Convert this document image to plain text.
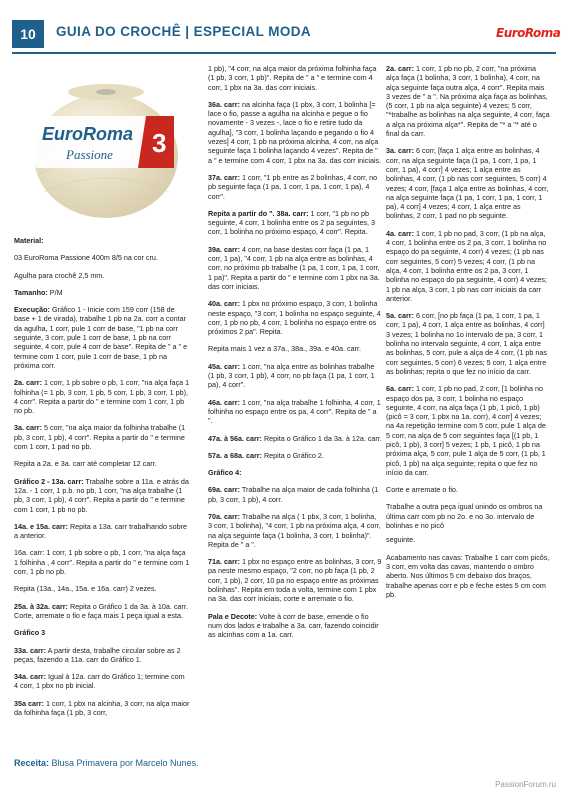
10	GUIA DO CROCHÊ | ESPECIAL MODA	EuroRoma
3
EuroRoma
Passione

Material:

03 EuroRoma Passione 400m 8/5 na cor cru.

Agulha para crochê 2,5 mm.

Tamanho: P/M

Execução: Gráfico 1 - Inicie com 159 corr (158 de base + 1 de virada), trabalhe 1 pb na 2a. corr a contar da agulha, 1 corr, pule 1 corr de base, "1 pb na corr seguinte, 3 corr, pule 1 corr de base, 1 pb na corr seguinte, 4 corr, pule 4 corr de base". Repita de " a " e termine com 1 corr, pule 1 corr de base, 1 pb na próxima corr.

2a. carr: 1 corr, 1 pb sobre o pb, 1 corr, "na alça faça 1 folhinha (= 1 pb, 3 corr, 1 pb, 5 corr, 1 pb, 3 corr, 1 pb), 4 corr". Repita a partir do " e termine com 1 corr, 1 pb no pb.

3a. carr: 5 corr, "na alça maior da folhinha trabalhe (1 pb, 3 corr, 1 pb), 4 corr". Repita a partir do " e termine com 1 corr, 1 pad no pb.

Repita a 2a. e 3a. carr até completar 12 carr.

Gráfico 2 - 13a. carr: Trabalhe sobre a 11a. e atrás da 12a. - 1 corr, 1 p.b. no pb, 1 corr, "na alça trabalhe (1 pb, 3 corr, 1 pb), 4 corr". Repita a partir do " e termine com 1 corr, 1 pb no pb.

14a. e 15a. carr: Repita a 13a. carr trabalhando sobre a anterior.

16a. carr: 1 corr, 1 pb sobre o pb, 1 corr, "na alça faça 1 folhinha , 4 corr". Repita a partir do " e termine com 1 corr, 1 pb no pb.

Repita (13a., 14a., 15a. e 16a. carr) 2 vezes.

25a. à 32a. carr: Repita o Gráfico 1 da 3a. à 10a. carr. Corte, arremate o fio e faça mais 1 peça igual a esta.

Gráfico 3

33a. carr: A partir desta, trabalhe circular sobre as 2 peças, fazendo a 11a. carr do Gráfico 1.

34a. carr: Igual à 12a. carr do Gráfico 1; termine com 4 corr, 1 pbx no pb inicial.

35a carr: 1 corr, 1 pbx na alcinha, 3 corr, na alça maior da folhinha faça (1 pb, 3 corr,

1 pb), "4 corr, na alça maior da próxima folhinha faça (1 pb, 3 corr, 1 pb)". Repita de " a " e termine com 4 corr, 1 pbx na 3a. das corr iniciais.

36a. carr: na alcinha faça (1 pbx, 3 corr, 1 bolinha [= lace o fio, passe a agulha na alcinha e pegue o fio novamente - 3 vezes -, lace o fio e retire tudo da agulha], "3 corr, 1 bolinha laçando e pegando o fio 4 vezes] 4 corr, 1 pb na próxima alcinha, 4 corr, na alça seguinte faça 1 bolinha laçando 4 vezes". Repita de " a " e termine com 4 corr, 1 pbx na 3a. das corr iniciais.

37a. carr: 1 corr, "1 pb entre as 2 bolinhas, 4 corr, no pb seguinte faça (1 pa, 1 corr, 1 pa, 1 corr, 1 pa), 4 corr".

Repita a partir do ". 38a. carr: 1 corr, "1 pb no pb seguinte, 4 corr, 1 bolinha entre os 2 pa seguintes, 3 corr, 1 bolinha no próximo espaço, 4 corr". Repita.

39a. carr: 4 corr, na base destas corr faça (1 pa, 1 corr, 1 pa), "4 corr, 1 pb na alça entre as bolinhas, 4 corr, no próximo pb trabalhe (1 pa, 1 corr, 1 pa, 1 corr, 1 pa)". Repita a partir do " e termine com 1 pbx na 3a. das corr iniciais.

40a. carr: 1 pbx no próximo espaço, 3 corr, 1 bolinha neste espaço, "3 corr, 1 bolinha no espaço seguinte, 4 corr, 1 pb no pb, 4 corr, 1 bolinha no espaço entre os próximos 2 pa". Repita.

Repita mais 1 vez a 37a., 38a., 39a. e 40a. carr.

45a. carr: 1 corr, "na alça entre as bolinhas trabalhe (1 pb, 3 corr, 1 pb), 4 corr, no pb faça (1 pa, 1 corr, 1 pa), 4 corr".

46a. carr: 1 corr, "na alça trabalhe 1 folhinha, 4 corr, 1 folhinha no espaço entre os pa, 4 corr". Repita de " a ".

47a. à 56a. carr: Repita o Gráfico 1 da 3a. à 12a. carr.

57a. a 68a. carr: Repita o Gráfico 2.

Gráfico 4:

69a. carr: Trabalhe na alça maior de cada folhinha (1 pb, 3 corr, 1 pb), 4 corr.

70a. carr: Trabalhe na alça ( 1 pbx, 3 corr, 1 bolinha, 3 corr, 1 bolinha), "4 corr, 1 pb na próxima alça, 4 corr, na alça seguinte faça (1 bolinha, 3 corr, 1 bolinha)". Repita de " a ".

71a. carr: 1 pbx no espaço entre as bolinhas, 3 corr, 9 pa neste mesmo espaço, "2 corr, no pb faça (1 pb, 2 corr, 1 pb), 2 corr, 10 pa no espaço entre as próximas bolinhas". Repita em toda a volta, termine com 1 pbx na 3a. das corr iniciais, corte e arremate o fio.

Pala e Decote: Volte à corr de base, emende o fio num dos lados e trabalhe a 3a. carr, fazendo coincidir as alcinhas com a 1a. carr.

2a. carr: 1 corr, 1 pb no pb, 2 corr, "na próxima alça faça (1 bolinha, 3 corr, 1 bolinha), 4 corr, na alça seguinte faça outra alça, 4 corr". Repita mais 3 vezes de " a ". Na próxima alça faça as bolinhas, (5 corr, 1 pb na alça seguinte) 4 vezes; 5 corr, "*trabalhe as bolinhas na alça seguinte, 4 corr, faça a alça na próxima alça*". Repita de "* a "* até o final da carr.

3a. carr: 6 corr, [faça 1 alça entre as bolinhas, 4 corr, na alça seguinte faça (1 pa, 1 corr, 1 pa, 1 corr, 1 pa), 4 corr] 4 vezes; 1 alça entre as bolinhas, 4 corr, (1 pb nas corr seguintes, 5 corr) 4 vezes; 4 corr, [faça 1 alça entre as bolinhas, 4 corr, na alça seguinte faça (1 pa, 1 corr, 1 pa, 1 corr, 1 pa), 4 corr] 4 vezes; 4 corr, 1 alça entre as bolinhas, 2 corr, 1 pad no pb seguinte.

4a. carr: 1 corr, 1 pb no pad, 3 corr, (1 pb na alça, 4 corr, 1 bolinha entre os 2 pa, 3 corr, 1 bolinha no espaço do pa seguinte, 4 corr) 4 vezes; (1 pb nas corr seguintes, 5 corr) 5 vezes; 4 corr, (1 pb na alça, 4 corr, 1 bolinha entre os 2 pa, 3 corr, 1 bolinha no espaço do pa seguinte, 4 corr) 4 vezes; 1 pb na alça, 3 corr, 1 pb nas corr iniciais da carr anterior.

5a. carr: 6 corr, [no pb faça (1 pa, 1 corr, 1 pa, 1 corr, 1 pa), 4 corr, 1 alça entre as bolinhas, 4 corr] 3 vezes; 1 bolinha no 1o intervalo de pa, 3 corr, 1 bolinha no intervalo seguinte, 4 corr, 1 alça entre as bolinhas, 5 corr, pule a alça de 4 corr, (1 pb nas corr seguintes, 5 corr) 6 vezes; 5 corr, 1 alça entre as bolinhas; repita o que fez no início da carr.

6a. carr: 1 corr, 1 pb no pad, 2 corr, [1 bolinha no espaço dos pa, 3 corr, 1 bolinha no espaço seguinte, 4 corr, na alça faça (1 pb, 1 picô, 1 pb) (picô = 3 corr, 1 pbx na 1a. corr), 4 corr] 4 vezes; na 4a repetição termine com 5 corr, pule 1 alça de 5 corr, na alça de 5 corr seguintes faça [(1 pb, 1 picô, 1 pb), 3 corr] 5 vezes; 1 pb, 1 picô, 1 pb na próxima alça, 5 corr, pule 1 alça de 5 corr, (1 pb, 1 picô, 1 pb) na alça seguinte; repita o que fez no início da carr.

Corte e arremate o fio.

Trabalhe a outra peça igual unindo os ombros na última carr com pb no 2o. e no 3o. intervalo de bolinhas e no picô

seguinte.

Acabamento nas cavas: Trabalhe 1 carr com picôs, 3 corr, em volta das cavas, mantendo o ombro aberto. Nos últimos 5 cm debaixo dos braços, trabalhe apenas corr e pb e feche estes 5 cm com pb.

Receita: Blusa Primavera por Marcelo Nunes.
PassionForum.ru
